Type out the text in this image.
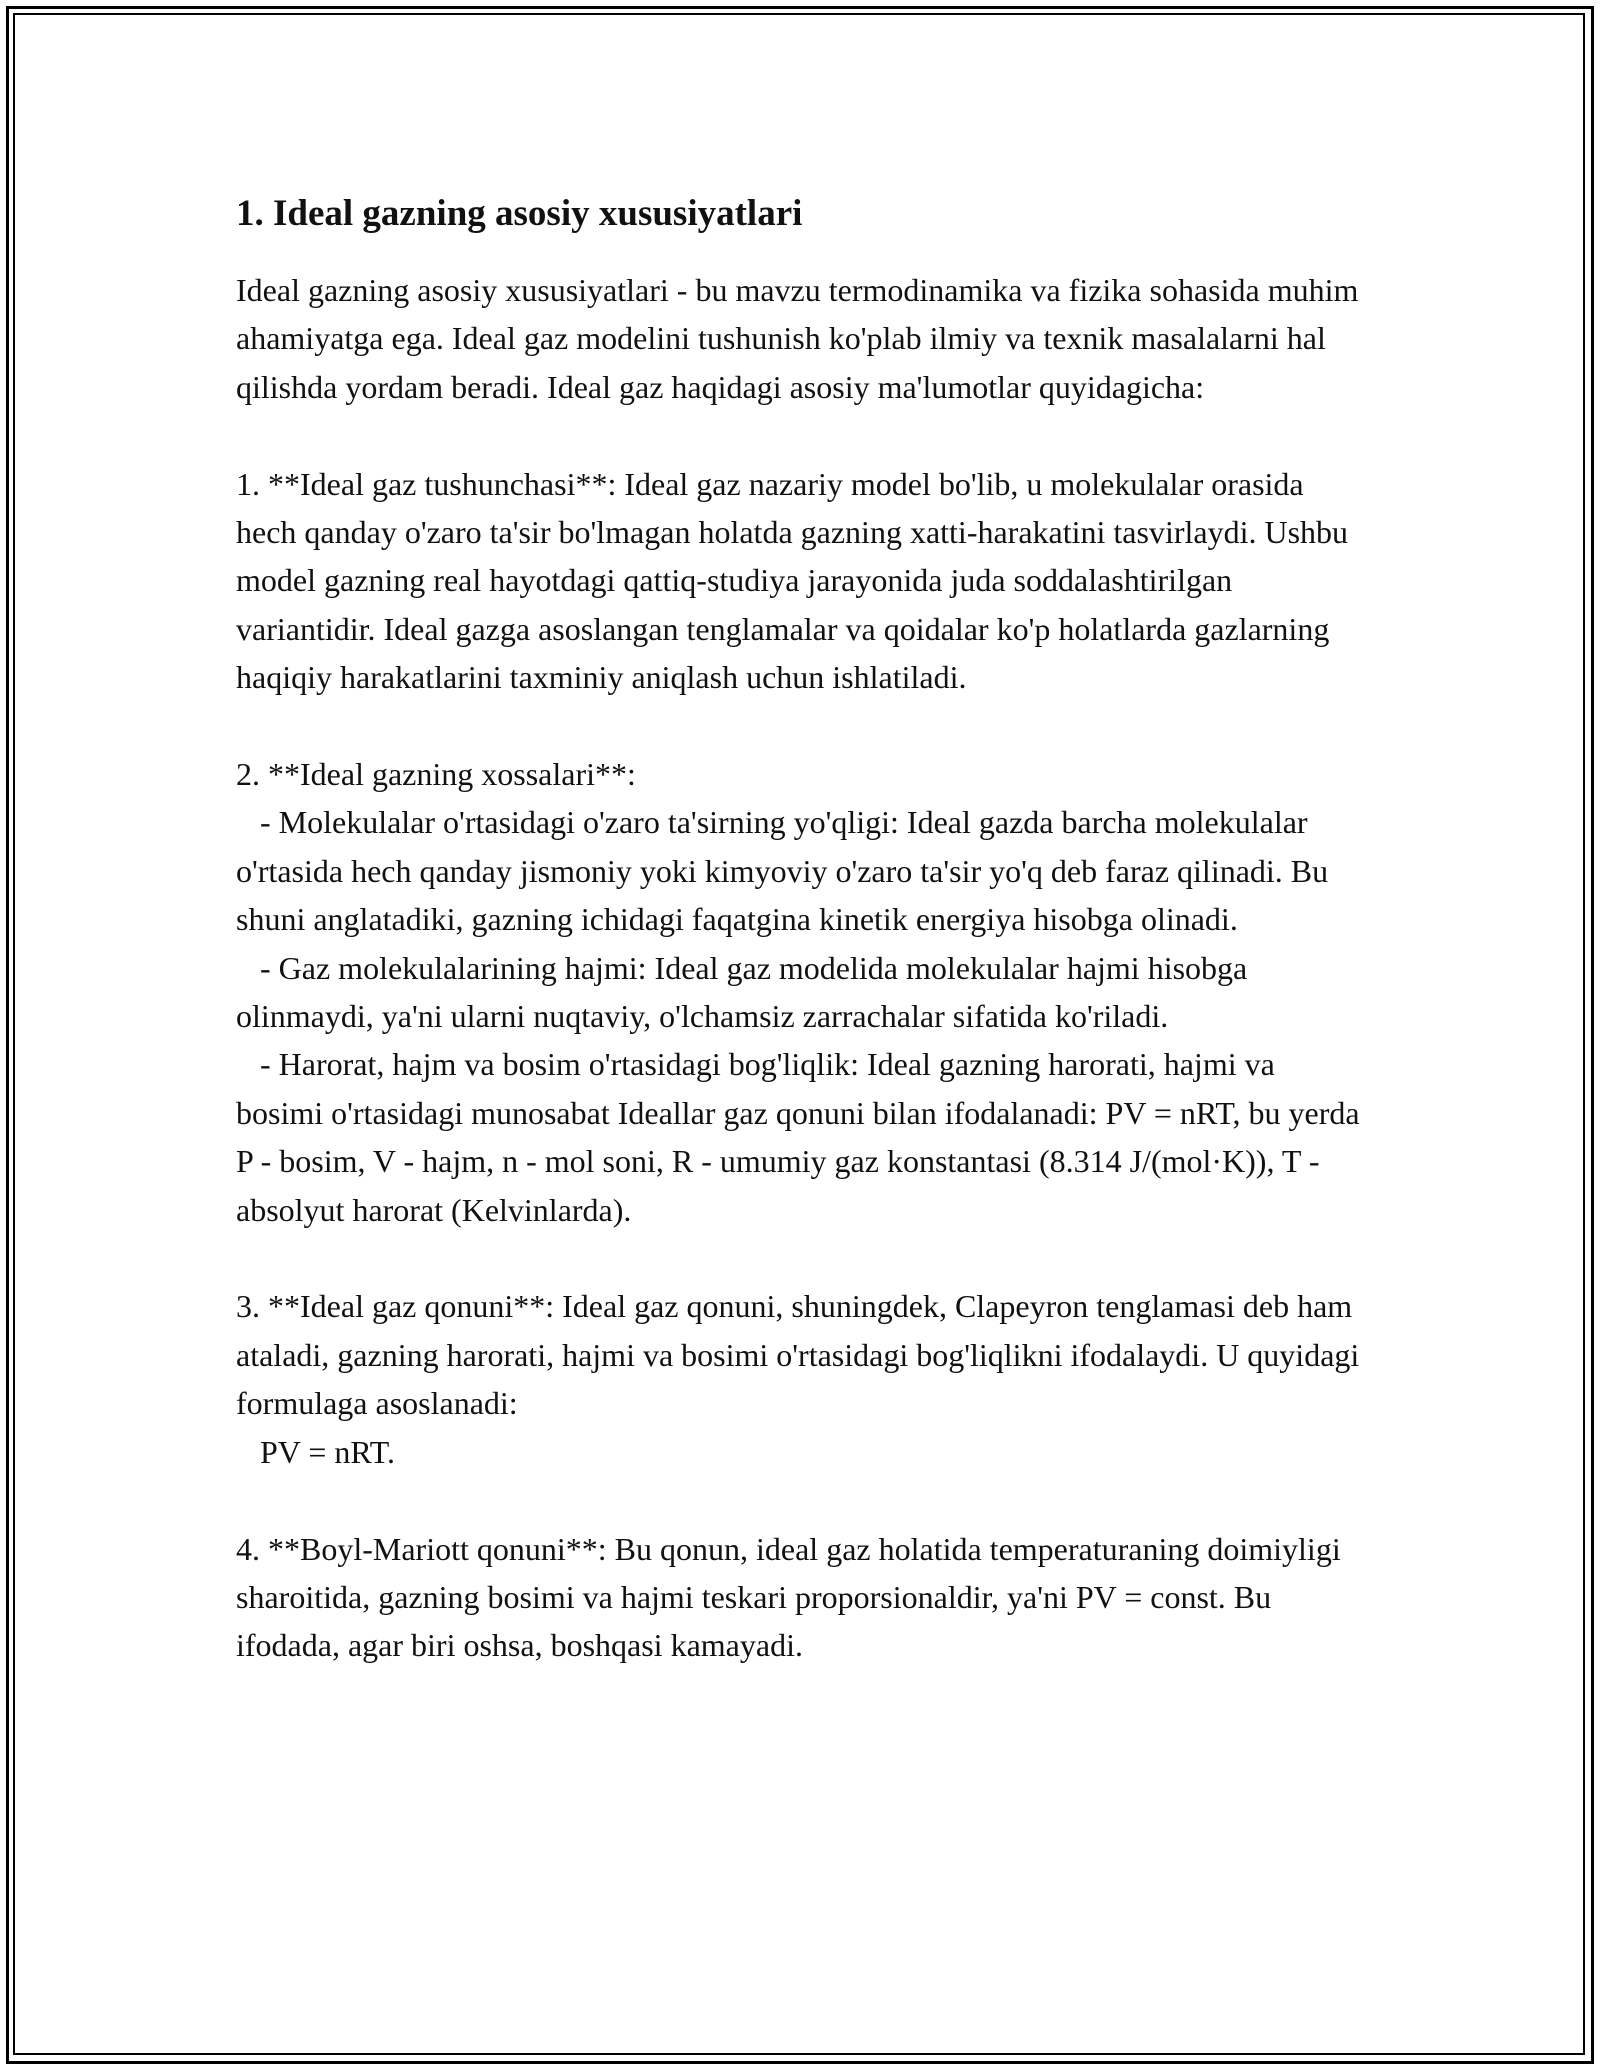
1. Ideal gazning asosiy xususiyatlari

Ideal gazning asosiy xususiyatlari - bu mavzu termodinamika va fizika sohasida muhim ahamiyatga ega. Ideal gaz modelini tushunish ko'plab ilmiy va texnik masalalarni hal qilishda yordam beradi. Ideal gaz haqidagi asosiy ma'lumotlar quyidagicha:

1. **Ideal gaz tushunchasi**: Ideal gaz nazariy model bo'lib, u molekulalar orasida hech qanday o'zaro ta'sir bo'lmagan holatda gazning xatti-harakatini tasvirlaydi. Ushbu model gazning real hayotdagi qattiq-studiya jarayonida juda soddalashtirilgan variantidir. Ideal gazga asoslangan tenglamalar va qoidalar ko'p holatlarda gazlarning haqiqiy harakatlarini taxminiy aniqlash uchun ishlatiladi.

2. **Ideal gazning xossalari**:
- Molekulalar o'rtasidagi o'zaro ta'sirning yo'qligi: Ideal gazda barcha molekulalar o'rtasida hech qanday jismoniy yoki kimyoviy o'zaro ta'sir yo'q deb faraz qilinadi. Bu shuni anglatadiki, gazning ichidagi faqatgina kinetik energiya hisobga olinadi.
- Gaz molekulalarining hajmi: Ideal gaz modelida molekulalar hajmi hisobga olinmaydi, ya'ni ularni nuqtaviy, o'lchamsiz zarrachalar sifatida ko'riladi.
- Harorat, hajm va bosim o'rtasidagi bog'liqlik: Ideal gazning harorati, hajmi va bosimi o'rtasidagi munosabat Ideallar gaz qonuni bilan ifodalanadi: PV = nRT, bu yerda P - bosim, V - hajm, n - mol soni, R - umumiy gaz konstantasi (8.314 J/(mol·K)), T - absolyut harorat (Kelvinlarda).

3. **Ideal gaz qonuni**: Ideal gaz qonuni, shuningdek, Clapeyron tenglamasi deb ham ataladi, gazning harorati, hajmi va bosimi o'rtasidagi bog'liqlikni ifodalaydi. U quyidagi formulaga asoslanadi:
PV = nRT.

4. **Boyl-Mariott qonuni**: Bu qonun, ideal gaz holatida temperaturaning doimiyligi sharoitida, gazning bosimi va hajmi teskari proporsionaldir, ya'ni PV = const. Bu ifodada, agar biri oshsa, boshqasi kamayadi.
